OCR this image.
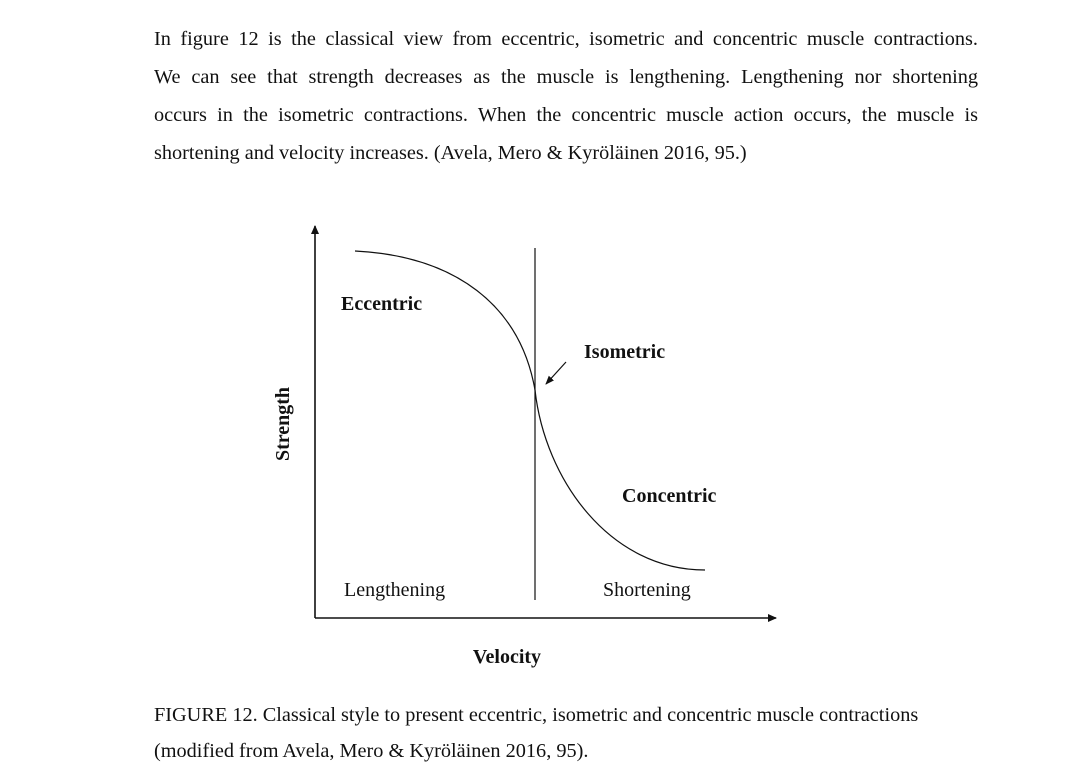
In figure 12 is the classical view from eccentric, isometric and concentric muscle contractions.
We can see that strength decreases as the muscle is lengthening. Lengthening nor shortening
occurs in the isometric contractions. When the concentric muscle action occurs, the muscle is
shortening and velocity increases. (Avela, Mero & Kyröläinen 2016, 95.)
Eccentric
Isometric
Concentric
Lengthening	Shortening
Strength
Velocity
FIGURE 12. Classical style to present eccentric, isometric and concentric muscle contractions
(modified from Avela, Mero & Kyröläinen 2016, 95).
